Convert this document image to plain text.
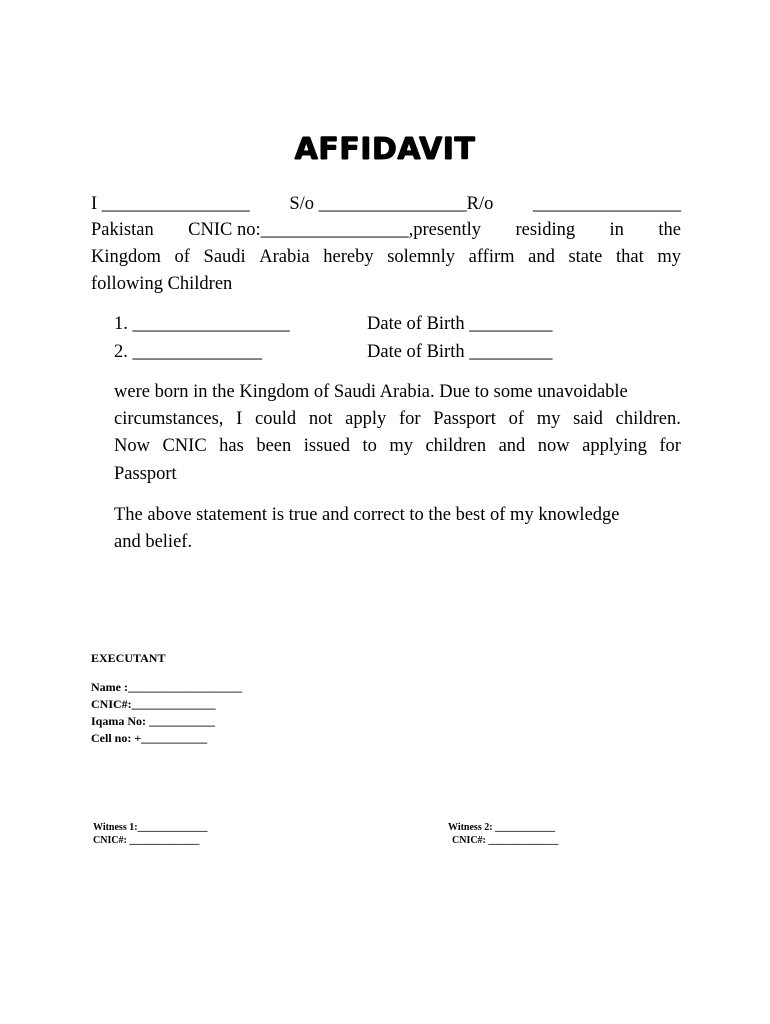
AFFIDAVIT
I ________________ S/o ________________R/o ________________
Pakistan CNIC no:________________,presently residing in the
Kingdom of Saudi Arabia hereby solemnly affirm and state that my
following Children
1. _________________	Date of Birth _________
2. ______________	Date of Birth _________
were born in the Kingdom of Saudi Arabia. Due to some unavoidable
circumstances, I could not apply for Passport of my said children.
Now CNIC has been issued to my children and now applying for
Passport
The above statement is true and correct to the best of my knowledge
and belief.
EXECUTANT
Name :___________________
CNIC#:______________
Iqama No: ___________
Cell no: +___________
Witness 1:______________
CNIC#: ______________
Witness 2: ____________
CNIC#: ______________
